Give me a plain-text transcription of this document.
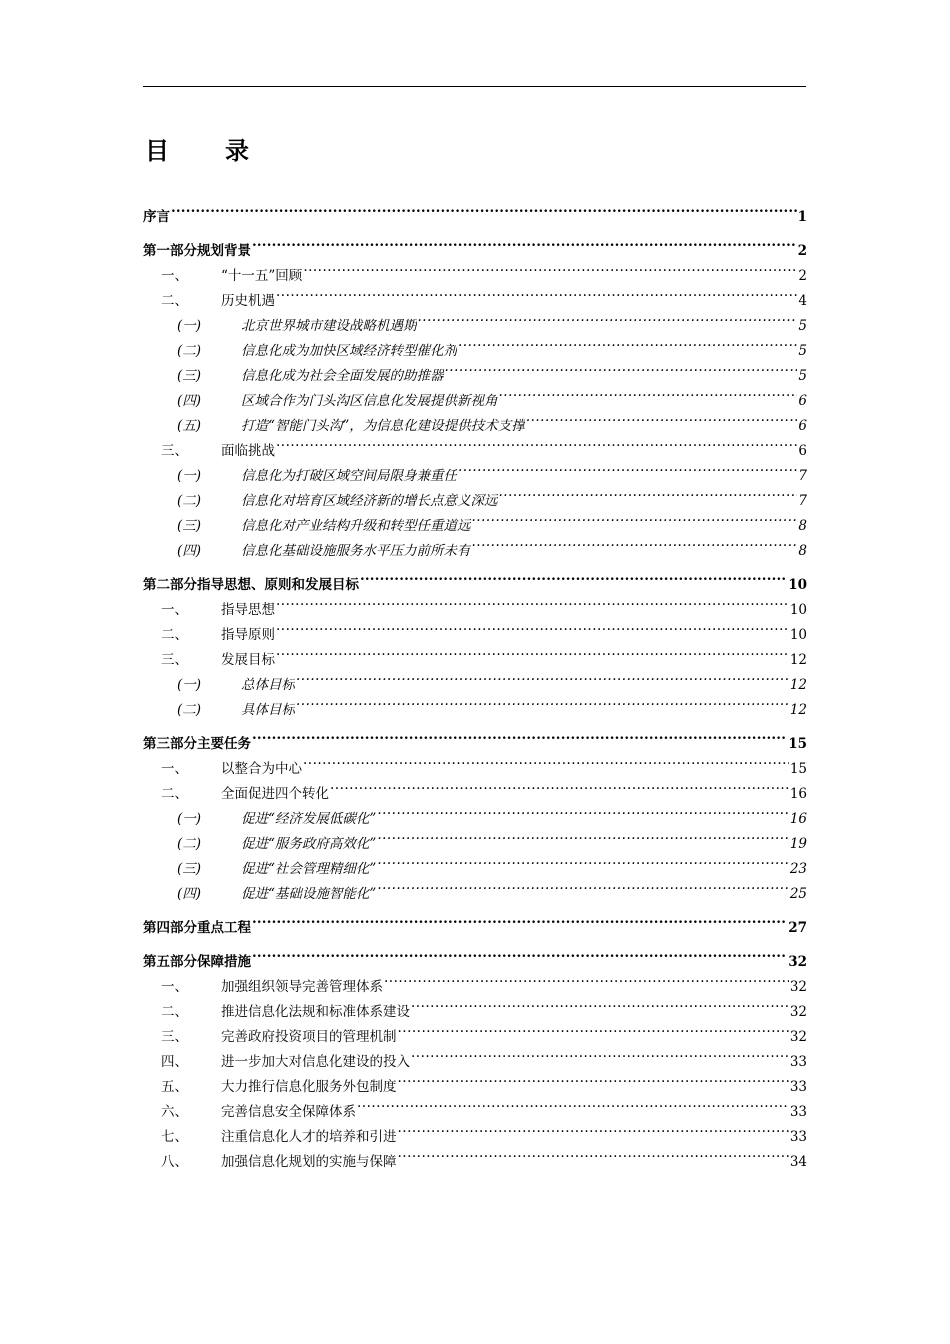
目　录
序言 .....	1
第一部分规划背景 .....	2
一、	“十一五”回顾 .....	2
二、	历史机遇 .....	4
(一)	北京世界城市建设战略机遇期 .....	5
(二)	信息化成为加快区域经济转型催化剂 .....	5
(三)	信息化成为社会全面发展的助推器 .....	5
(四)	区域合作为门头沟区信息化发展提供新视角 .....	6
(五)	打造“智能门头沟”，为信息化建设提供技术支撑 .....	6
三、	面临挑战 .....	6
(一)	信息化为打破区域空间局限身兼重任 .....	7
(二)	信息化对培育区域经济新的增长点意义深远 .....	7
(三)	信息化对产业结构升级和转型任重道远 .....	8
(四)	信息化基础设施服务水平压力前所未有 .....	8
第二部分指导思想、原则和发展目标 .....	10
一、	指导思想 .....	10
二、	指导原则 .....	10
三、	发展目标 .....	12
(一)	总体目标 .....	12
(二)	具体目标 .....	12
第三部分主要任务 .....	15
一、	以整合为中心 .....	15
二、	全面促进四个转化 .....	16
(一)	促进“经济发展低碳化” .....	16
(二)	促进“服务政府高效化” .....	19
(三)	促进“社会管理精细化” .....	23
(四)	促进“基础设施智能化” .....	25
第四部分重点工程 .....	27
第五部分保障措施 .....	32
一、	加强组织领导完善管理体系 .....	32
二、	推进信息化法规和标准体系建设 .....	32
三、	完善政府投资项目的管理机制 .....	32
四、	进一步加大对信息化建设的投入 .....	33
五、	大力推行信息化服务外包制度 .....	33
六、	完善信息安全保障体系 .....	33
七、	注重信息化人才的培养和引进 .....	33
八、	加强信息化规划的实施与保障 .....	34
